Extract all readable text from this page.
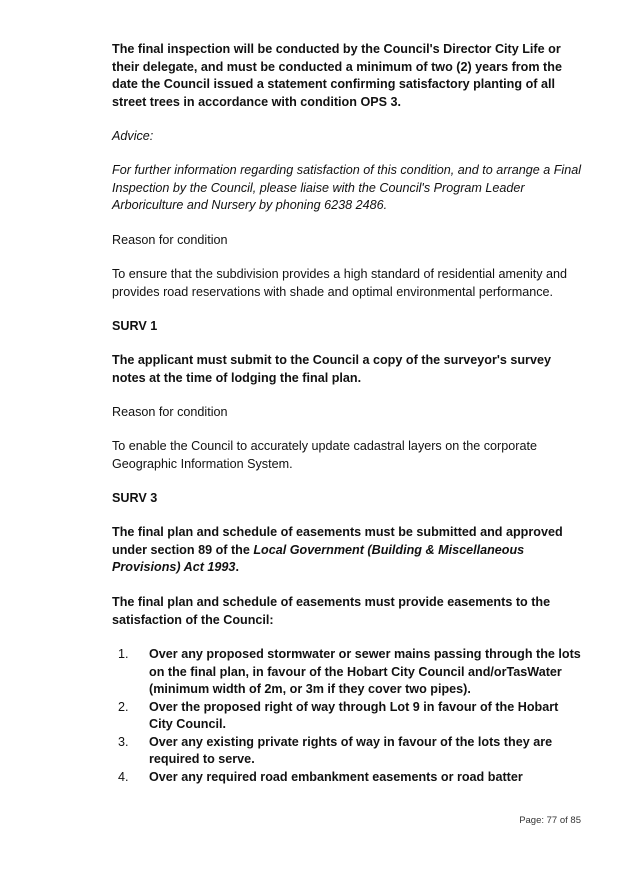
The final inspection will be conducted by the Council's Director City Life or their delegate, and must be conducted a minimum of two (2) years from the date the Council issued a statement confirming satisfactory planting of all street trees in accordance with condition OPS 3.

Advice:

For further information regarding satisfaction of this condition, and to arrange a Final Inspection by the Council, please liaise with the Council's Program Leader Arboriculture and Nursery by phoning 6238 2486.

Reason for condition

To ensure that the subdivision provides a high standard of residential amenity and provides road reservations with shade and optimal environmental performance.

SURV 1

The applicant must submit to the Council a copy of the surveyor's survey notes at the time of lodging the final plan.

Reason for condition

To enable the Council to accurately update cadastral layers on the corporate Geographic Information System.

SURV 3

The final plan and schedule of easements must be submitted and approved under section 89 of the Local Government (Building & Miscellaneous Provisions) Act 1993.

The final plan and schedule of easements must provide easements to the satisfaction of the Council:

1. Over any proposed stormwater or sewer mains passing through the lots on the final plan, in favour of the Hobart City Council and/orTasWater (minimum width of 2m, or 3m if they cover two pipes).
2. Over the proposed right of way through Lot 9 in favour of the Hobart City Council.
3. Over any existing private rights of way in favour of the lots they are required to serve.
4. Over any required road embankment easements or road batter
Page: 77 of 85
